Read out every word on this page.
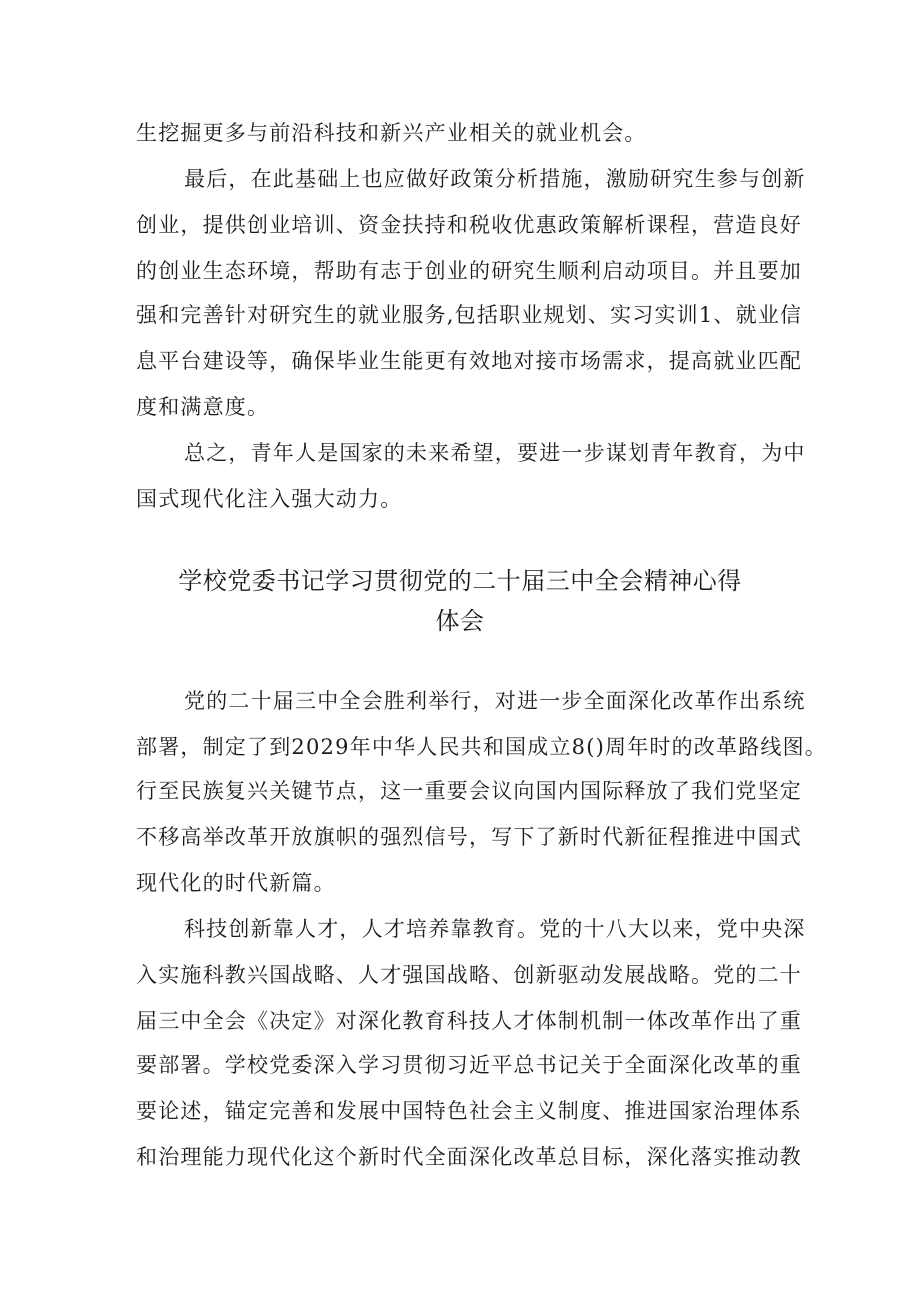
生挖掘更多与前沿科技和新兴产业相关的就业机会。
最后，在此基础上也应做好政策分析措施，激励研究生参与创新
创业，提供创业培训、资金扶持和税收优惠政策解析课程，营造良好
的创业生态环境，帮助有志于创业的研究生顺利启动项目。并且要加
强和完善针对研究生的就业服务,包括职业规划、实习实训1、就业信
息平台建设等，确保毕业生能更有效地对接市场需求，提高就业匹配
度和满意度。
总之，青年人是国家的未来希望，要进一步谋划青年教育，为中
国式现代化注入强大动力。
学校党委书记学习贯彻党的二十届三中全会精神心得
体会
党的二十届三中全会胜利举行，对进一步全面深化改革作出系统
部署，制定了到2029年中华人民共和国成立8()周年时的改革路线图。
行至民族复兴关键节点，这一重要会议向国内国际释放了我们党坚定
不移高举改革开放旗帜的强烈信号，写下了新时代新征程推进中国式
现代化的时代新篇。
科技创新靠人才，人才培养靠教育。党的十八大以来，党中央深
入实施科教兴国战略、人才强国战略、创新驱动发展战略。党的二十
届三中全会《决定》对深化教育科技人才体制机制一体改革作出了重
要部署。学校党委深入学习贯彻习近平总书记关于全面深化改革的重
要论述，锚定完善和发展中国特色社会主义制度、推进国家治理体系
和治理能力现代化这个新时代全面深化改革总目标，深化落实推动教
